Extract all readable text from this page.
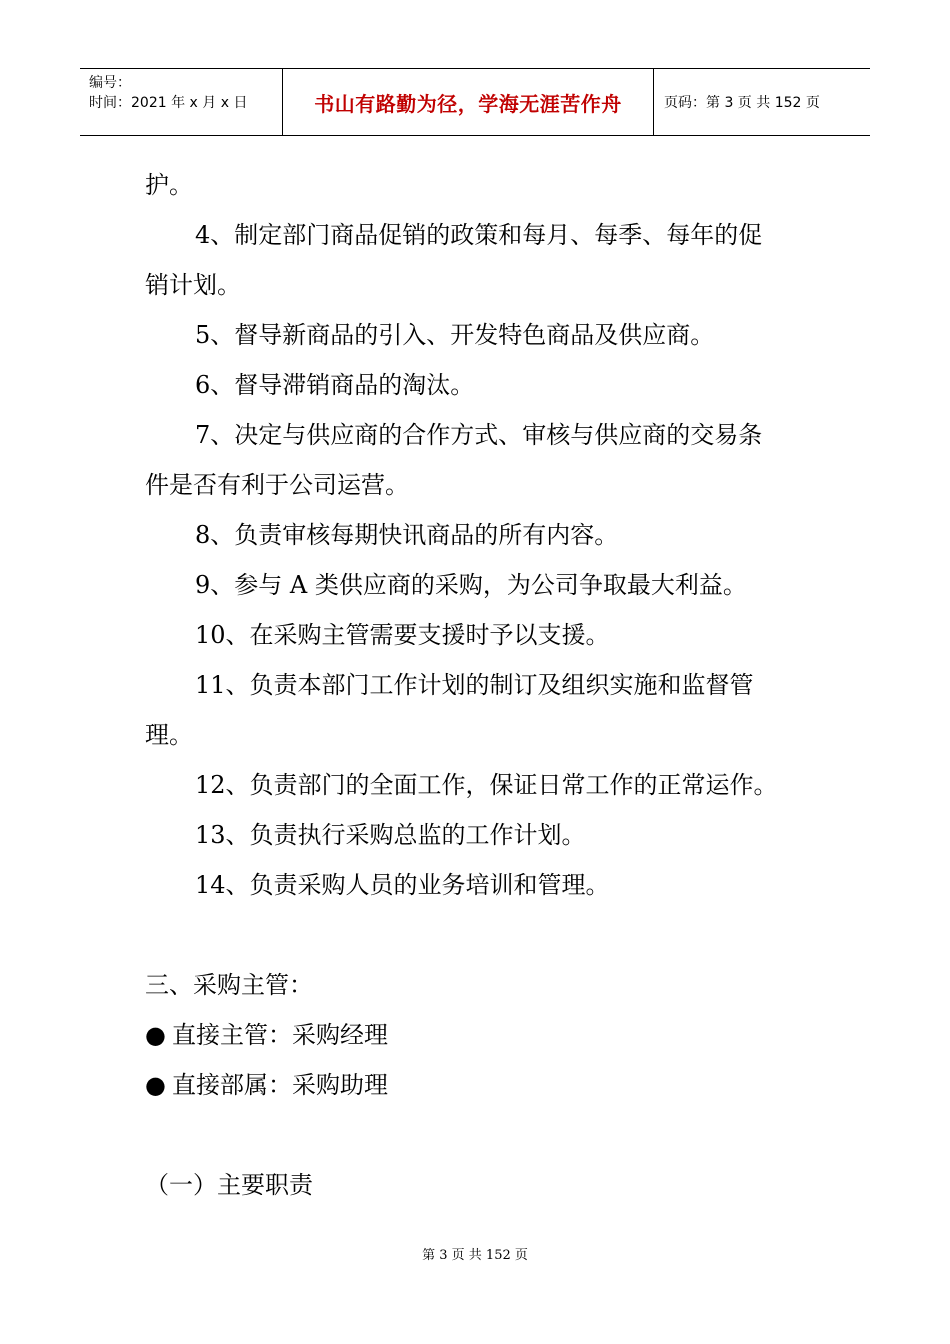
编号：
时间：2021 年 x 月 x 日	书山有路勤为径，学海无涯苦作舟	页码：第 3 页 共 152 页

护。

4、制定部门商品促销的政策和每月、每季、每年的促

销计划。

5、督导新商品的引入、开发特色商品及供应商。

6、督导滞销商品的淘汰。

7、决定与供应商的合作方式、审核与供应商的交易条

件是否有利于公司运营。

8、负责审核每期快讯商品的所有内容。

9、参与 A 类供应商的采购，为公司争取最大利益。

10、在采购主管需要支援时予以支援。

11、负责本部门工作计划的制订及组织实施和监督管

理。

12、负责部门的全面工作，保证日常工作的正常运作。

13、负责执行采购总监的工作计划。

14、负责采购人员的业务培训和管理。

三、采购主管：

● 直接主管：采购经理

● 直接部属：采购助理

（一）主要职责

第 3 页 共 152 页
